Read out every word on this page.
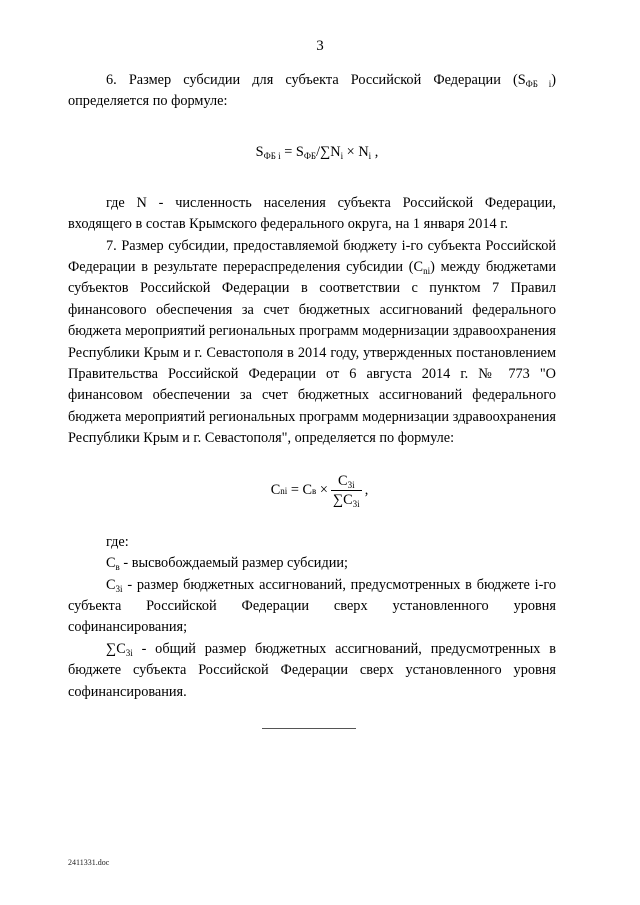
3

6. Размер субсидии для субъекта Российской Федерации $(S_{ФБ i})$ определяется по формуле:

$S_{ФБ i} = S_{ФБ}/\sum N_i \times N_i$ ,

где N - численность населения субъекта Российской Федерации, входящего в состав Крымского федерального округа, на 1 января 2014 г.

7. Размер субсидии, предоставляемой бюджету i-го субъекта Российской Федерации в результате перераспределения субсидии $(C_{ni})$ между бюджетами субъектов Российской Федерации в соответствии с пунктом 7 Правил финансового обеспечения за счет бюджетных ассигнований федерального бюджета мероприятий региональных программ модернизации здравоохранения Республики Крым и г. Севастополя в 2014 году, утвержденных постановлением Правительства Российской Федерации от 6 августа 2014 г. № 773 "О финансовом обеспечении за счет бюджетных ассигнований федерального бюджета мероприятий региональных программ модернизации здравоохранения Республики Крым и г. Севастополя", определяется по формуле:

C ni = C $в \times \frac{C_{3i}}{\sum C_{3i}}$ ,

где:

$C_в$ - высвобождаемый размер субсидии;

$C_{3i}$ - размер бюджетных ассигнований, предусмотренных в бюджете i-го субъекта Российской Федерации сверх установленного уровня софинансирования;

$\sum C_{3i}$ - общий размер бюджетных ассигнований, предусмотренных в бюджете субъекта Российской Федерации сверх установленного уровня софинансирования.

2411331.doc
